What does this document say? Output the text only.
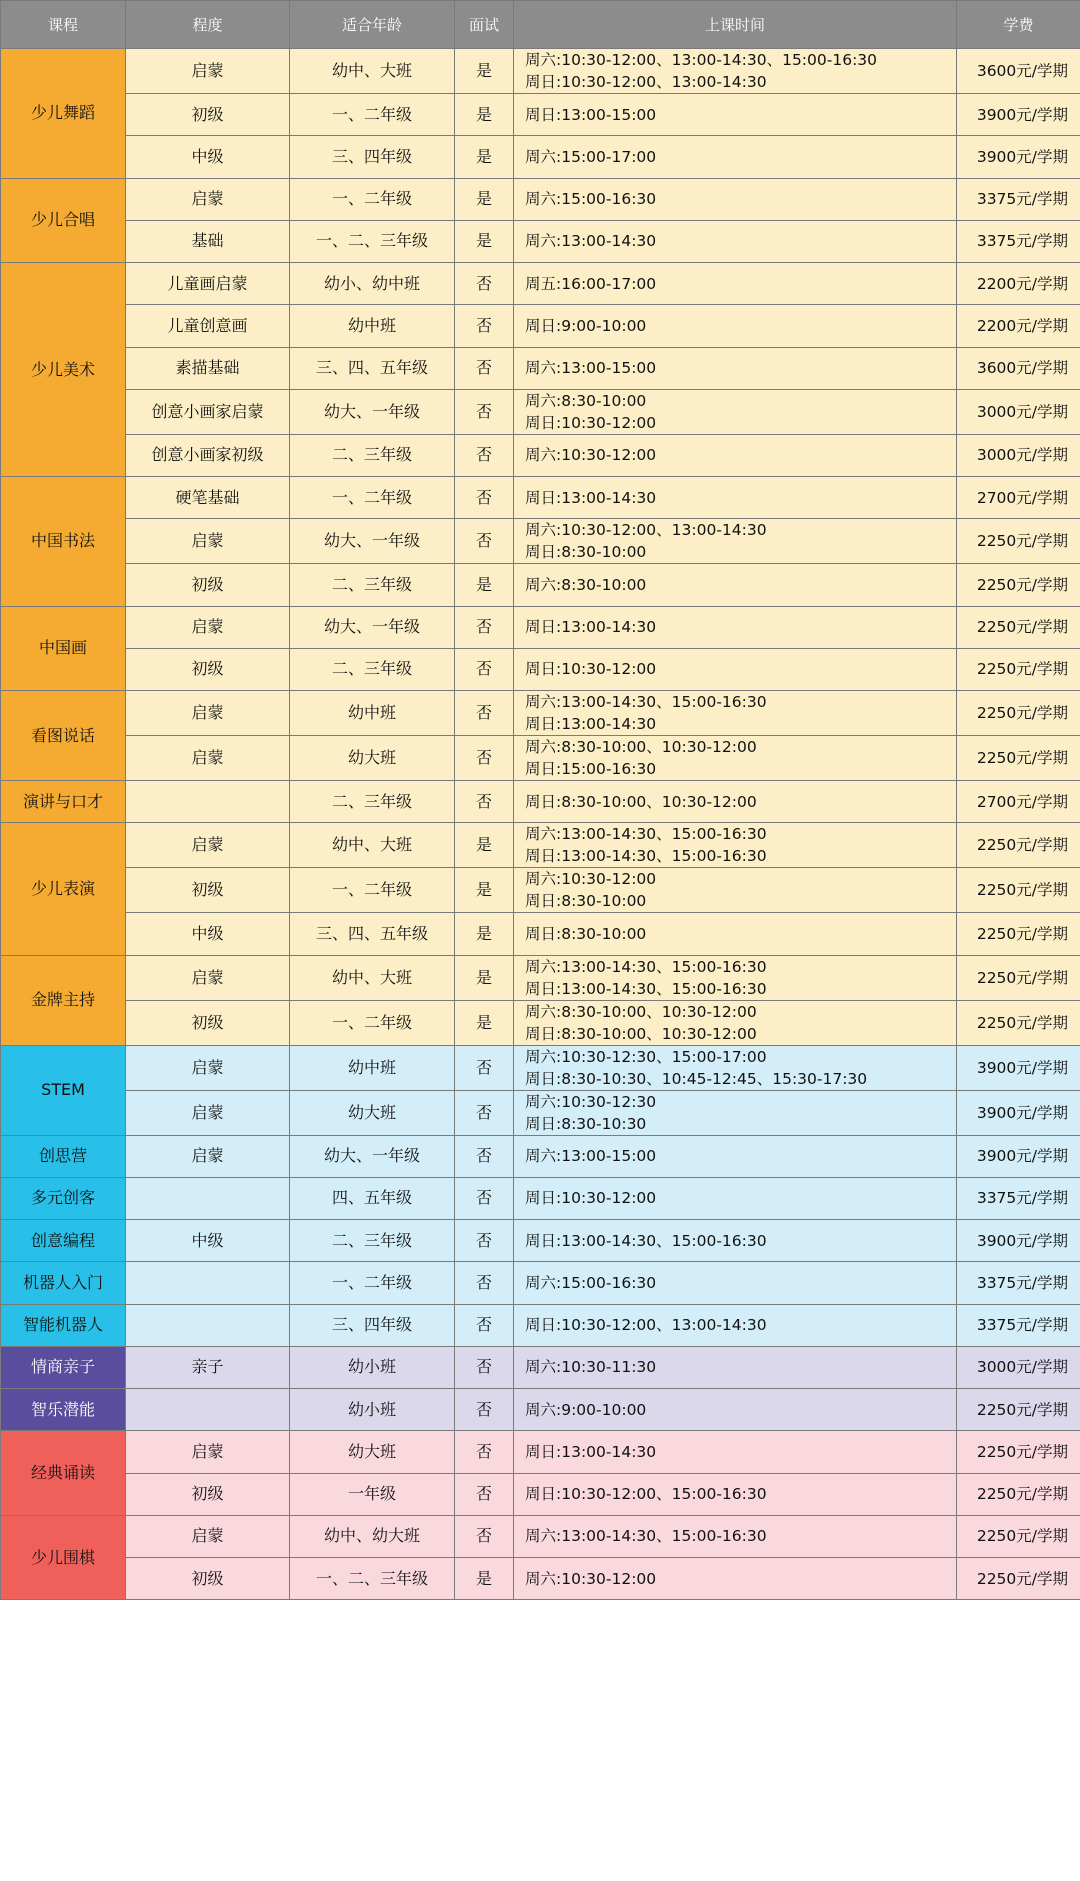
课程	程度	适合年龄	面试	上课时间	学费
少儿舞蹈	启蒙	幼中、大班	是	周六:10:30-12:00、13:00-14:30、15:00-16:30
周日:10:30-12:00、13:00-14:30	3600元/学期
	初级	一、二年级	是	周日:13:00-15:00	3900元/学期
	中级	三、四年级	是	周六:15:00-17:00	3900元/学期
少儿合唱	启蒙	一、二年级	是	周六:15:00-16:30	3375元/学期
	基础	一、二、三年级	是	周六:13:00-14:30	3375元/学期
少儿美术	儿童画启蒙	幼小、幼中班	否	周五:16:00-17:00	2200元/学期
	儿童创意画	幼中班	否	周日:9:00-10:00	2200元/学期
	素描基础	三、四、五年级	否	周六:13:00-15:00	3600元/学期
	创意小画家启蒙	幼大、一年级	否	周六:8:30-10:00
周日:10:30-12:00	3000元/学期
	创意小画家初级	二、三年级	否	周六:10:30-12:00	3000元/学期
中国书法	硬笔基础	一、二年级	否	周日:13:00-14:30	2700元/学期
	启蒙	幼大、一年级	否	周六:10:30-12:00、13:00-14:30
周日:8:30-10:00	2250元/学期
	初级	二、三年级	是	周六:8:30-10:00	2250元/学期
中国画	启蒙	幼大、一年级	否	周日:13:00-14:30	2250元/学期
	初级	二、三年级	否	周日:10:30-12:00	2250元/学期
看图说话	启蒙	幼中班	否	周六:13:00-14:30、15:00-16:30
周日:13:00-14:30	2250元/学期
	启蒙	幼大班	否	周六:8:30-10:00、10:30-12:00
周日:15:00-16:30	2250元/学期
演讲与口才		二、三年级	否	周日:8:30-10:00、10:30-12:00	2700元/学期
少儿表演	启蒙	幼中、大班	是	周六:13:00-14:30、15:00-16:30
周日:13:00-14:30、15:00-16:30	2250元/学期
	初级	一、二年级	是	周六:10:30-12:00
周日:8:30-10:00	2250元/学期
	中级	三、四、五年级	是	周日:8:30-10:00	2250元/学期
金牌主持	启蒙	幼中、大班	是	周六:13:00-14:30、15:00-16:30
周日:13:00-14:30、15:00-16:30	2250元/学期
	初级	一、二年级	是	周六:8:30-10:00、10:30-12:00
周日:8:30-10:00、10:30-12:00	2250元/学期
STEM	启蒙	幼中班	否	周六:10:30-12:30、15:00-17:00
周日:8:30-10:30、10:45-12:45、15:30-17:30	3900元/学期
	启蒙	幼大班	否	周六:10:30-12:30
周日:8:30-10:30	3900元/学期
创思营	启蒙	幼大、一年级	否	周六:13:00-15:00	3900元/学期
多元创客		四、五年级	否	周日:10:30-12:00	3375元/学期
创意编程	中级	二、三年级	否	周日:13:00-14:30、15:00-16:30	3900元/学期
机器人入门		一、二年级	否	周六:15:00-16:30	3375元/学期
智能机器人		三、四年级	否	周日:10:30-12:00、13:00-14:30	3375元/学期
情商亲子	亲子	幼小班	否	周六:10:30-11:30	3000元/学期
智乐潜能		幼小班	否	周六:9:00-10:00	2250元/学期
经典诵读	启蒙	幼大班	否	周日:13:00-14:30	2250元/学期
	初级	一年级	否	周日:10:30-12:00、15:00-16:30	2250元/学期
少儿围棋	启蒙	幼中、幼大班	否	周六:13:00-14:30、15:00-16:30	2250元/学期
	初级	一、二、三年级	是	周六:10:30-12:00	2250元/学期
